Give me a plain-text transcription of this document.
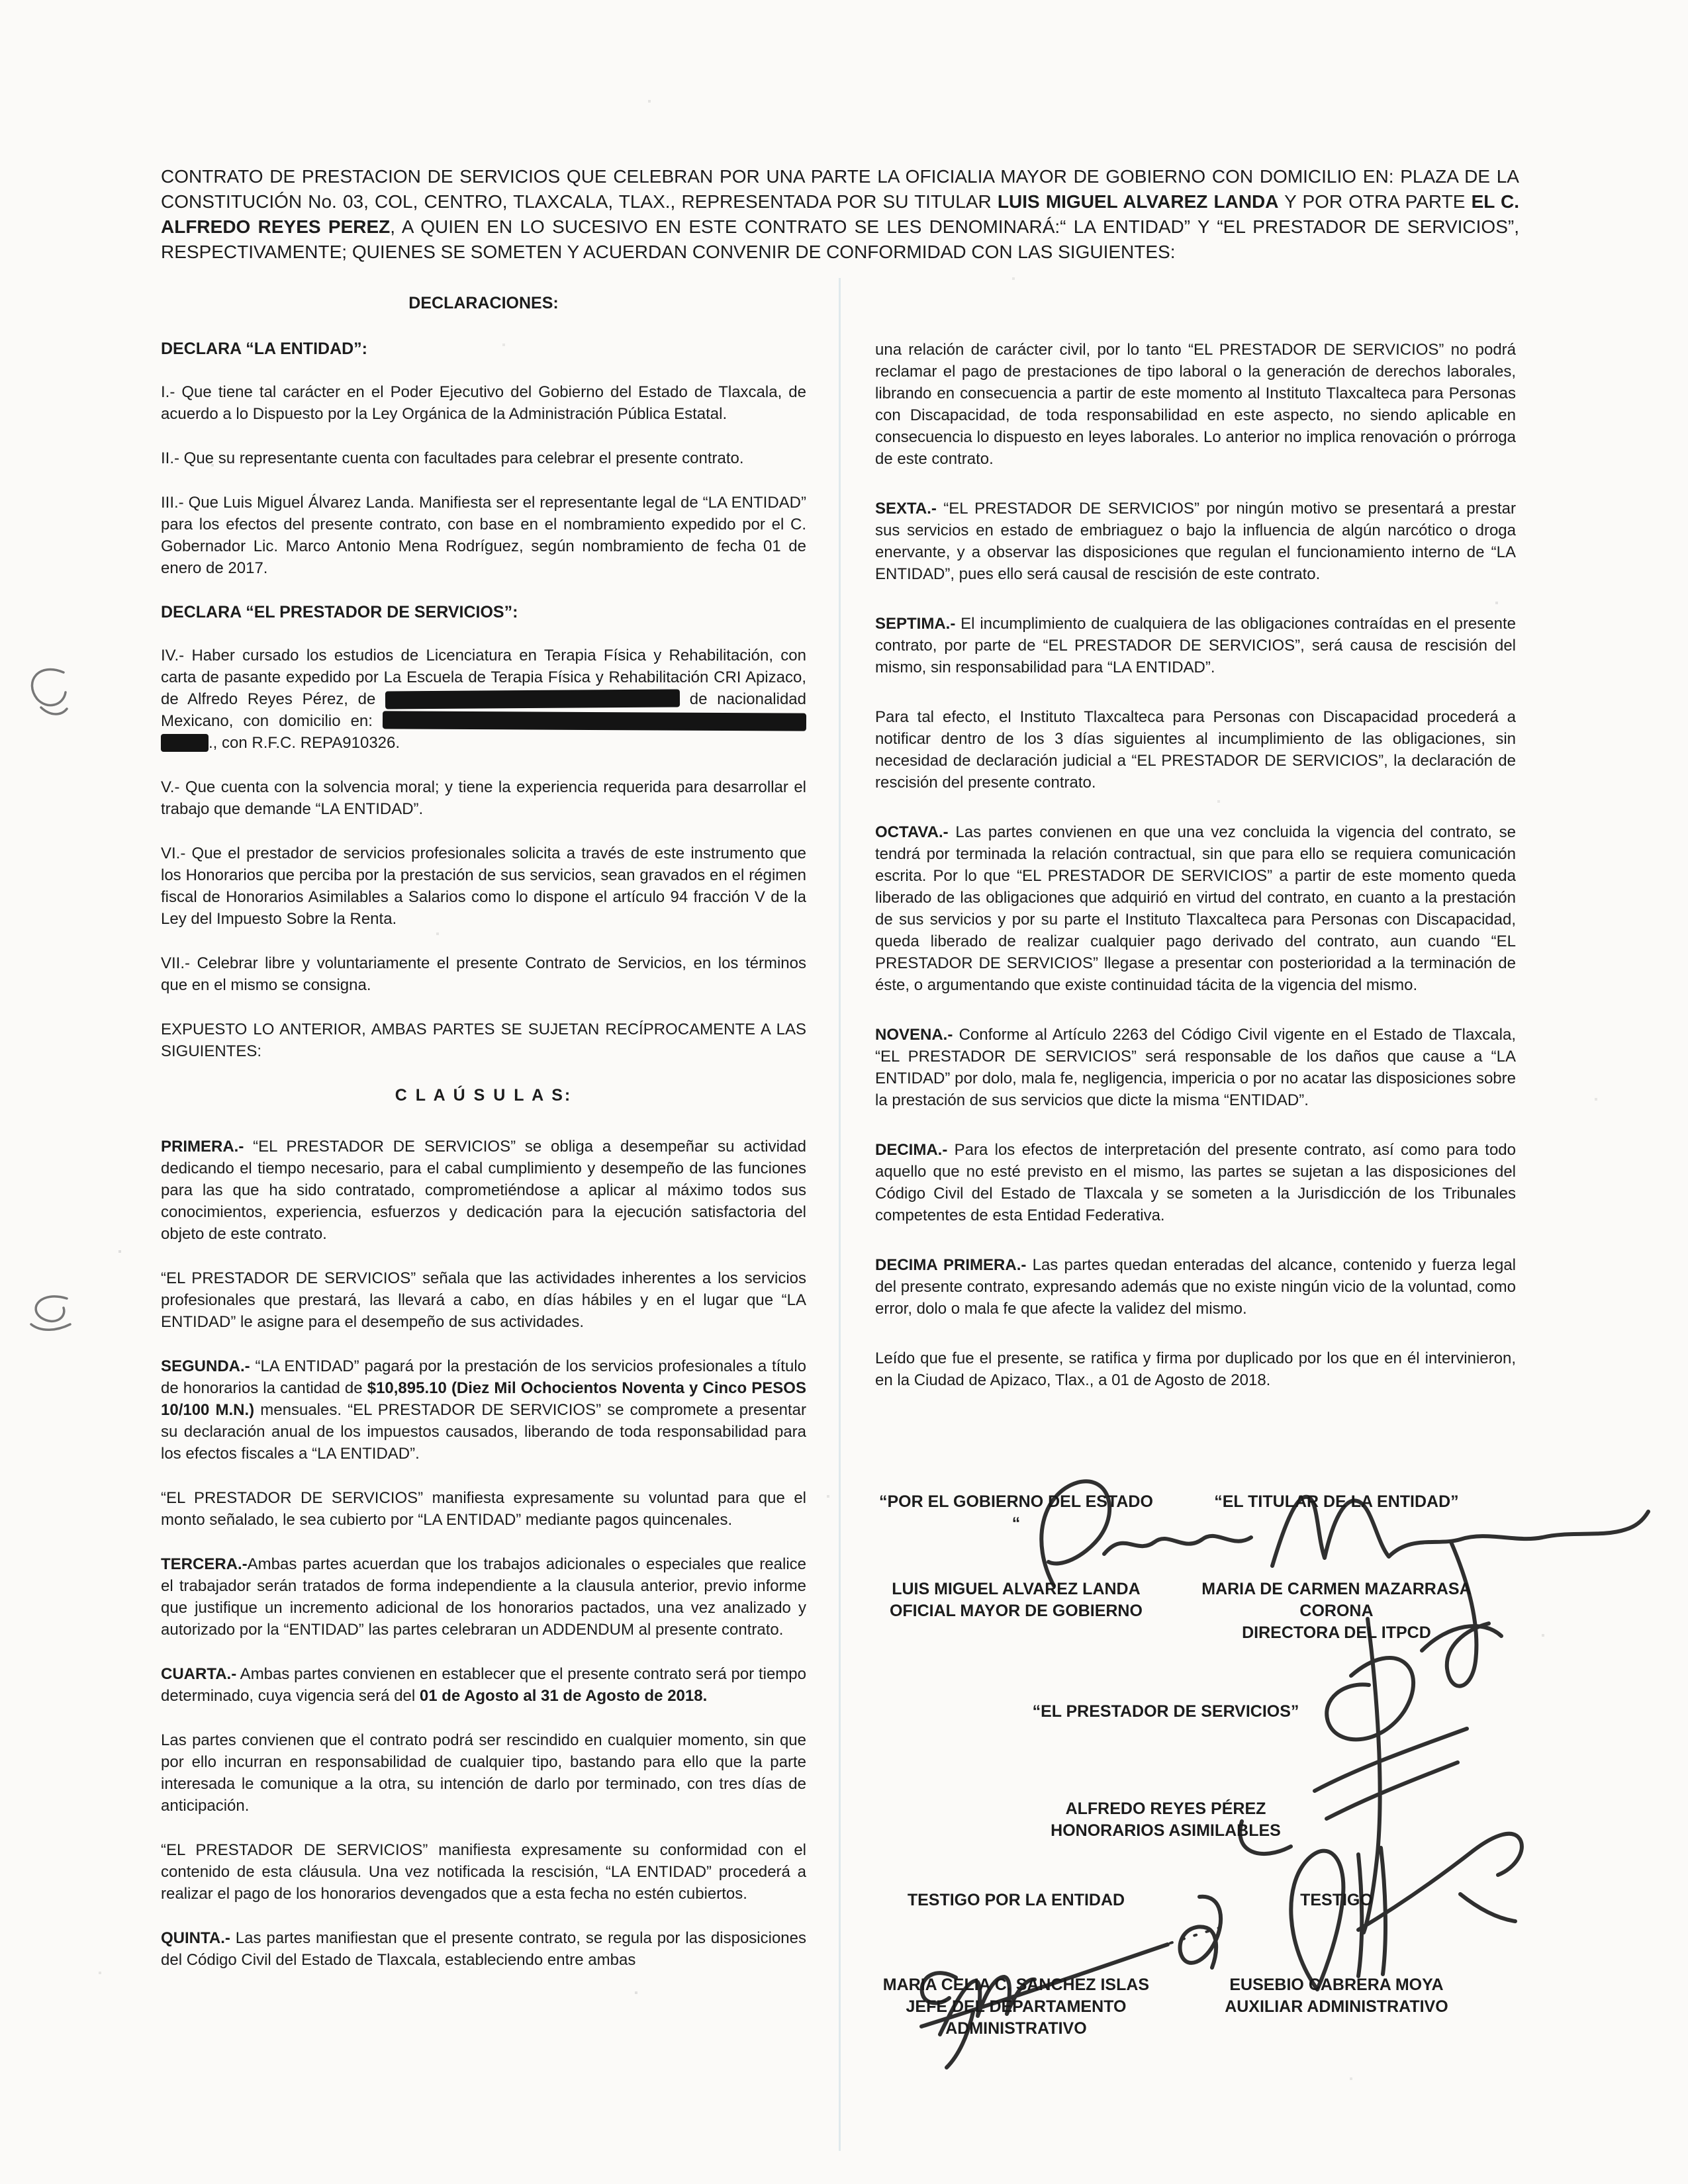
CONTRATO DE PRESTACION DE SERVICIOS QUE CELEBRAN POR UNA PARTE LA OFICIALIA MAYOR DE GOBIERNO CON DOMICILIO EN: PLAZA DE LA CONSTITUCIÓN No. 03, COL, CENTRO, TLAXCALA, TLAX., REPRESENTADA POR SU TITULAR LUIS MIGUEL ALVAREZ LANDA Y POR OTRA PARTE EL C. ALFREDO REYES PEREZ, A QUIEN EN LO SUCESIVO EN ESTE CONTRATO SE LES DENOMINARÁ:“ LA ENTIDAD” Y “EL PRESTADOR DE SERVICIOS”, RESPECTIVAMENTE; QUIENES SE SOMETEN Y ACUERDAN CONVENIR DE CONFORMIDAD CON LAS SIGUIENTES:

DECLARACIONES:
DECLARA “LA ENTIDAD”:

I.- Que tiene tal carácter en el Poder Ejecutivo del Gobierno del Estado de Tlaxcala, de acuerdo a lo Dispuesto por la Ley Orgánica de la Administración Pública Estatal.

II.- Que su representante cuenta con facultades para celebrar el presente contrato.

III.- Que Luis Miguel Álvarez Landa. Manifiesta ser el representante legal de “LA ENTIDAD” para los efectos del presente contrato, con base en el nombramiento expedido por el C. Gobernador Lic. Marco Antonio Mena Rodríguez, según nombramiento de fecha 01 de enero de 2017.

DECLARA “EL PRESTADOR DE SERVICIOS”:

IV.- Haber cursado los estudios de Licenciatura en Terapia Física y Rehabilitación, con carta de pasante expedido por La Escuela de Terapia Física y Rehabilitación CRI Apizaco, de Alfredo Reyes Pérez, de	de nacionalidad Mexicano, con domicilio en:  ., con R.F.C. REPA910326.

V.- Que cuenta con la solvencia moral; y tiene la experiencia requerida para desarrollar el trabajo que demande “LA ENTIDAD”.

VI.- Que el prestador de servicios profesionales solicita a través de este instrumento que los Honorarios que perciba por la prestación de sus servicios, sean gravados en el régimen fiscal de Honorarios Asimilables a Salarios como lo dispone el artículo 94 fracción V de la Ley del Impuesto Sobre la Renta.

VII.- Celebrar libre y voluntariamente el presente Contrato de Servicios, en los términos que en el mismo se consigna.

EXPUESTO LO ANTERIOR, AMBAS PARTES SE SUJETAN RECÍPROCAMENTE A LAS SIGUIENTES:

C L A Ú S U L A S:

PRIMERA.- “EL PRESTADOR DE SERVICIOS” se obliga a desempeñar su actividad dedicando el tiempo necesario, para el cabal cumplimiento y desempeño de las funciones para las que ha sido contratado, comprometiéndose a aplicar al máximo todos sus conocimientos, experiencia, esfuerzos y dedicación para la ejecución satisfactoria del objeto de este contrato.

“EL PRESTADOR DE SERVICIOS” señala que las actividades inherentes a los servicios profesionales que prestará, las llevará a cabo, en días hábiles y en el lugar que “LA ENTIDAD” le asigne para el desempeño de sus actividades.

SEGUNDA.- “LA ENTIDAD” pagará por la prestación de los servicios profesionales a título de honorarios la cantidad de $10,895.10 (Diez Mil Ochocientos Noventa y Cinco PESOS 10/100 M.N.) mensuales. “EL PRESTADOR DE SERVICIOS” se compromete a presentar su declaración anual de los impuestos causados, liberando de toda responsabilidad para los efectos fiscales a “LA ENTIDAD”.

“EL PRESTADOR DE SERVICIOS” manifiesta expresamente su voluntad para que el monto señalado, le sea cubierto por “LA ENTIDAD” mediante pagos quincenales.

TERCERA.-Ambas partes acuerdan que los trabajos adicionales o especiales que realice el trabajador serán tratados de forma independiente a la clausula anterior, previo informe que justifique un incremento adicional de los honorarios pactados, una vez analizado y autorizado por la “ENTIDAD” las partes celebraran un ADDENDUM al presente contrato.

CUARTA.- Ambas partes convienen en establecer que el presente contrato será por tiempo determinado, cuya vigencia será del 01 de Agosto al 31 de Agosto de 2018.

Las partes convienen que el contrato podrá ser rescindido en cualquier momento, sin que por ello incurran en responsabilidad de cualquier tipo, bastando para ello que la parte interesada le comunique a la otra, su intención de darlo por terminado, con tres días de anticipación.

“EL PRESTADOR DE SERVICIOS” manifiesta expresamente su conformidad con el contenido de esta cláusula. Una vez notificada la rescisión, “LA ENTIDAD” procederá a realizar el pago de los honorarios devengados que a esta fecha no estén cubiertos.

QUINTA.- Las partes manifiestan que el presente contrato, se regula por las disposiciones del Código Civil del Estado de Tlaxcala, estableciendo entre ambas

una relación de carácter civil, por lo tanto “EL PRESTADOR DE SERVICIOS” no podrá reclamar el pago de prestaciones de tipo laboral o la generación de derechos laborales, librando en consecuencia a partir de este momento al Instituto Tlaxcalteca para Personas con Discapacidad, de toda responsabilidad en este aspecto, no siendo aplicable en consecuencia lo dispuesto en leyes laborales. Lo anterior no implica renovación o prórroga de este contrato.

SEXTA.- “EL PRESTADOR DE SERVICIOS” por ningún motivo se presentará a prestar sus servicios en estado de embriaguez o bajo la influencia de algún narcótico o droga enervante, y a observar las disposiciones que regulan el funcionamiento interno de “LA ENTIDAD”, pues ello será causal de rescisión de este contrato.

SEPTIMA.- El incumplimiento de cualquiera de las obligaciones contraídas en el presente contrato, por parte de “EL PRESTADOR DE SERVICIOS”, será causa de rescisión del mismo, sin responsabilidad para “LA ENTIDAD”.

Para tal efecto, el Instituto Tlaxcalteca para Personas con Discapacidad procederá a notificar dentro de los 3 días siguientes al incumplimiento de las obligaciones, sin necesidad de declaración judicial a “EL PRESTADOR DE SERVICIOS”, la declaración de rescisión del presente contrato.

OCTAVA.- Las partes convienen en que una vez concluida la vigencia del contrato, se tendrá por terminada la relación contractual, sin que para ello se requiera comunicación escrita. Por lo que “EL PRESTADOR DE SERVICIOS” a partir de este momento queda liberado de las obligaciones que adquirió en virtud del contrato, en cuanto a la prestación de sus servicios y por su parte el Instituto Tlaxcalteca para Personas con Discapacidad, queda liberado de realizar cualquier pago derivado del contrato, aun cuando “EL PRESTADOR DE SERVICIOS” llegase a presentar con posterioridad a la terminación de éste, o argumentando que existe continuidad tácita de la vigencia del mismo.

NOVENA.- Conforme al Artículo 2263 del Código Civil vigente en el Estado de Tlaxcala, “EL PRESTADOR DE SERVICIOS” será responsable de los daños que cause a “LA ENTIDAD” por dolo, mala fe, negligencia, impericia o por no acatar las disposiciones sobre la prestación de sus servicios que dicte la misma “ENTIDAD”.

DECIMA.- Para los efectos de interpretación del presente contrato, así como para todo aquello que no esté previsto en el mismo, las partes se sujetan a las disposiciones del Código Civil del Estado de Tlaxcala y se someten a la Jurisdicción de los Tribunales competentes de esta Entidad Federativa.

DECIMA PRIMERA.- Las partes quedan enteradas del alcance, contenido y fuerza legal del presente contrato, expresando además que no existe ningún vicio de la voluntad, como error, dolo o mala fe que afecte la validez del mismo.

Leído que fue el presente, se ratifica y firma por duplicado por los que en él intervinieron, en la Ciudad de Apizaco, Tlax., a 01 de Agosto de 2018.

“POR EL GOBIERNO DEL ESTADO “
“EL TITULAR DE LA ENTIDAD”
LUIS MIGUEL ALVAREZ LANDA
OFICIAL MAYOR DE GOBIERNO
MARIA DE CARMEN MAZARRASA
CORONA
DIRECTORA DEL ITPCD
“EL PRESTADOR DE SERVICIOS”
ALFREDO REYES PÉREZ
HONORARIOS ASIMILABLES
TESTIGO POR LA ENTIDAD	TESTIGO
MARIA CELIA C. SANCHEZ ISLAS
JEFE DEL DEPARTAMENTO
ADMINISTRATIVO
EUSEBIO CABRERA MOYA
AUXILIAR ADMINISTRATIVO
